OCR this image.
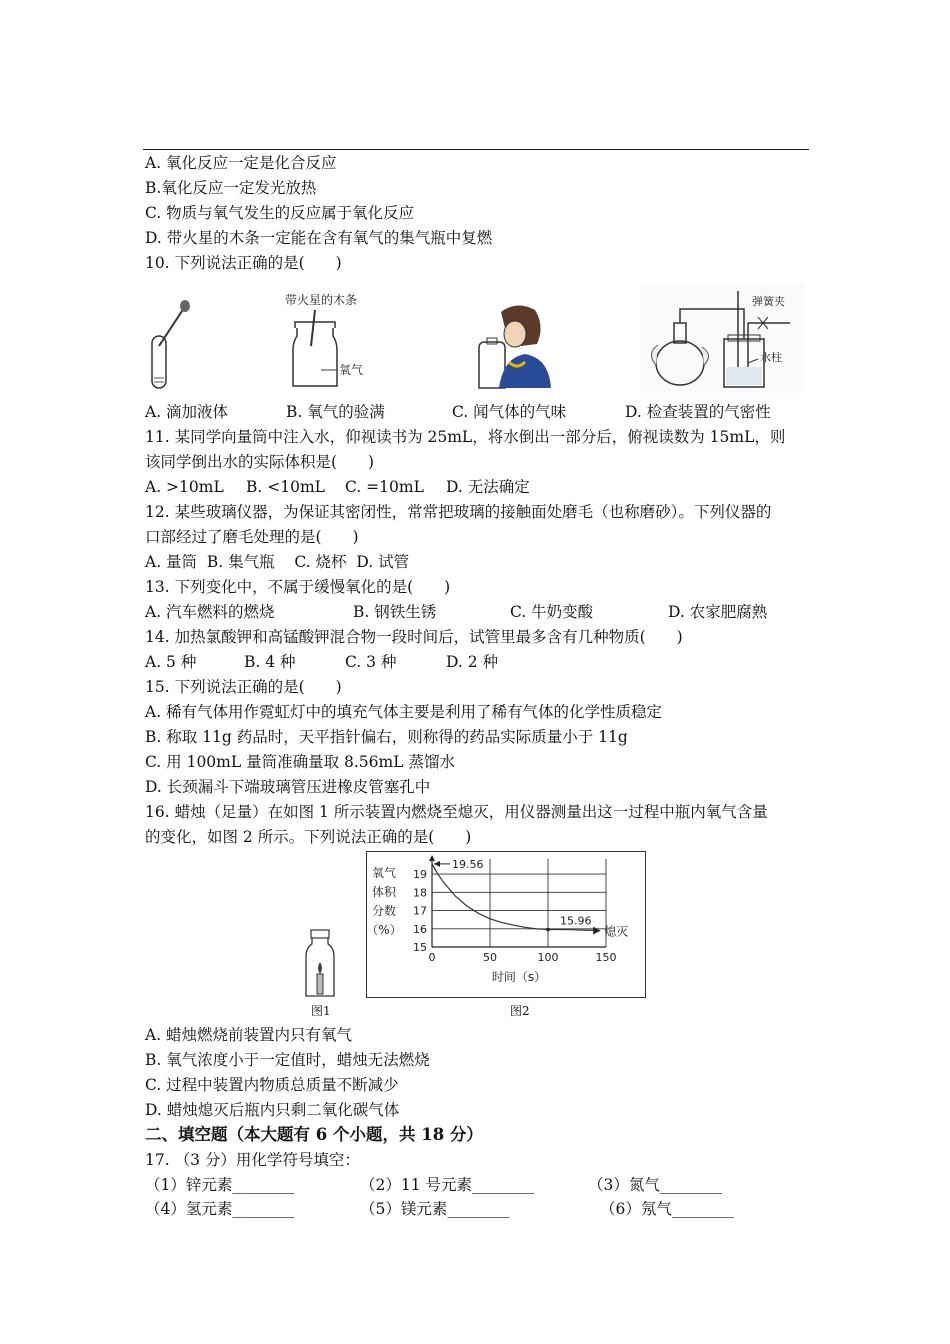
A. 氧化反应一定是化合反应
B.氧化反应一定发光放热
C. 物质与氧气发生的反应属于氧化反应
D. 带火星的木条一定能在含有氧气的集气瓶中复燃
10. 下列说法正确的是(　　)
带火星的木条
氧气
弹簧夹
水柱
A. 滴加液体	B. 氧气的验满	C. 闻气体的气味	D. 检查装置的气密性
11. 某同学向量筒中注入水，仰视读书为 25mL，将水倒出一部分后，俯视读数为 15mL，则
该同学倒出水的实际体积是(　　)
A. >10mL B. <10mL C. =10mL D. 无法确定
12. 某些玻璃仪器，为保证其密闭性，常常把玻璃的接触面处磨毛（也称磨砂）。下列仪器的
口部经过了磨毛处理的是(　　)
A. 量筒  B. 集气瓶    C. 烧杯  D. 试管
13. 下列变化中，不属于缓慢氧化的是(　　)
A. 汽车燃料的燃烧	B. 钢铁生锈	C. 牛奶变酸	D. 农家肥腐熟
14. 加热氯酸钾和高锰酸钾混合物一段时间后，试管里最多含有几种物质(　　)
A. 5 种	B. 4 种	C. 3 种	D. 2 种
15. 下列说法正确的是(　　)
A. 稀有气体用作霓虹灯中的填充气体主要是利用了稀有气体的化学性质稳定
B. 称取 11g 药品时，天平指针偏右，则称得的药品实际质量小于 11g
C. 用 100mL 量筒准确量取 8.56mL 蒸馏水
D. 长颈漏斗下端玻璃管压进橡皮管塞孔中
16. 蜡烛（足量）在如图 1 所示装置内燃烧至熄灭，用仪器测量出这一过程中瓶内氧气含量
的变化，如图 2 所示。下列说法正确的是(　　)
图1
氧气
体积
分数
（%）
15
16
17
18
19
0	50	100	150
19.56
15.96
熄灭
时间（s）
图2
A. 蜡烛燃烧前装置内只有氧气
B. 氧气浓度小于一定值时，蜡烛无法燃烧
C. 过程中装置内物质总质量不断减少
D. 蜡烛熄灭后瓶内只剩二氧化碳气体
二、填空题（本大题有 6 个小题，共 18 分）
17. （3 分）用化学符号填空：
（1）锌元素________	（2）11 号元素________	（3）氮气________
（4）氢元素________	（5）镁元素________	（6）氖气________
